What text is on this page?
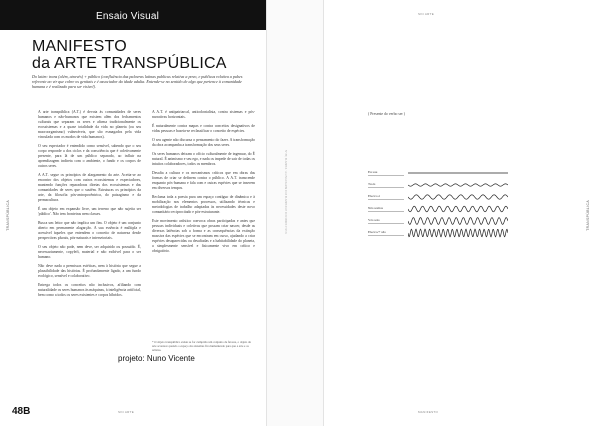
Ensaio Visual
MANIFESTO
da ARTE TRANSPÚBLICA

Do latim: trans (além, através) + público (confluência das palavras latinas publicus relativa a povo, e publicus relativa a pubes referente ao vir que cobre os genitais e é associador da idade adulta. Entende-se no sentido de algo que pertence à comunidade humana e é realizado para ser visível).

A arte transpública (A.T.) é devota às comunidades de seres humanos e não-humanos que existem além dos fechamentos culturais que separam os seres e afirma tradicionalmente os ecossistemas e a quase totalidade da vida no planeta (ou seu macroorganismo) vulneráveis, que são esmagados pela vida vinculada com os modos de vida humanos).

O seu espectador é entendido como sensível, sabendo que o seu corpo responde a dos ciclos e da consciência que é coletivamente presente, para lá de um público separado, ao influir na aprendizagem indireta com o ambiente, o fundo e os corpos de outros seres.

A A.T. segue os princípios de alargamento da arte. Aceita-se ao encontro dos objetos com outros ecossistemas e expectadores, mantendo funções reparadoras diretas dos ecossistemas e das comunidades de seres que o sustêm. Estruturas os princípios da arte, da filosofia pós-antropocêntrica, do paisagismo e da permacultura.

É um objeto em expansão livre, um terreno que não sujeita ser 'público'. Não tem fronteiras nem classes.

Busca um leitor que não implica um fim. O objeto é um conjunto aberto em permanente alagarção. A sua essência é múltipla e acessível àqueles que entendem o conceito de natureza desde perspectivas plurais, pós-naturais e intersetoriais.

O seu objeto não pode, nem deve, ser adquirido ou possuído. É, necessariamente, copyleft, material e não exibível para o ser humano.

Não deve nada a premissas estéticas, nem à história que segue a plausibilidade das histórias. É profundamente ligado, a um fundo ecológico, sensível e colaborativo.

Entrega todos os conceitos não inclusivos, afiliando com naturalidade os seres humanos às máquinas, à inteligência artificial, bem como a todos os seres existentes e corpos híbridos.

A A.T. é antipatriarcal, anticolonialista, contra sistemas e pós-narrativas horizontais.

É naturalmente contra mapas e contra conceitos designativos de vidas pessoas e baseia-se reclassificar o conceito de espécies.

O seu agente não discursa o pensamento do fazer. A transformação da obra acompanha a transformação dos seus seres.

Os seres humanos deixam o ofício culturalmente de ingenuar, do É natural. É animismo e seu ego, e nada os impede de sair de todas os intuitos colaboradores, todos os membros.

Desafia a cultura e os mecanismos críticos que em obras das formas de criar se definem contra o público. A A.T. transcende enquanto pós-humana e fala com e outras espécies que se inserem em diversos tempos.

Reclama toda a poesia para um espaço contíguo de dinâmica e à mobilização nos elementos processos, utilizando técnicas e metodologias de trabalho adaptadas às necessidades deste novo comunitário reciprocitado e pós-estruturante.

Este movimento artístico convoca obras participadas e antes que pessoas individuais e coletivas que possam criar nascer, desde as diversas latências sob a forma e as consequências da extinção massiva das espécies que se encontram em curso, ajudando a criar espécies desaparecidas ou desafiadas e a habitabilidade do planeta, a simplesmente sensível e fisicamente vivo em crítico e obrigatório.

* O objeto transpúblico existe se for cumprido um conjunto de fatores, o objeto da arte acontece quando o espaço dos sistemas fica humanizado para que a arte e os artistas.
projeto: Nuno Vicente
48B	SIN ARTE
TRANSPÚBLICA	Nº 78 | PLANETA · A LINGUAGEM DOS PLANETAS E DOS SERES VIVOS
SIN ARTE
MANIFESTO
TRANSPÚBLICA
( Presente do verbo ser )
Eu sou
Tu és
Ele/a/o é
Nós somos
Vós sois
Ele/a/o/+ são
